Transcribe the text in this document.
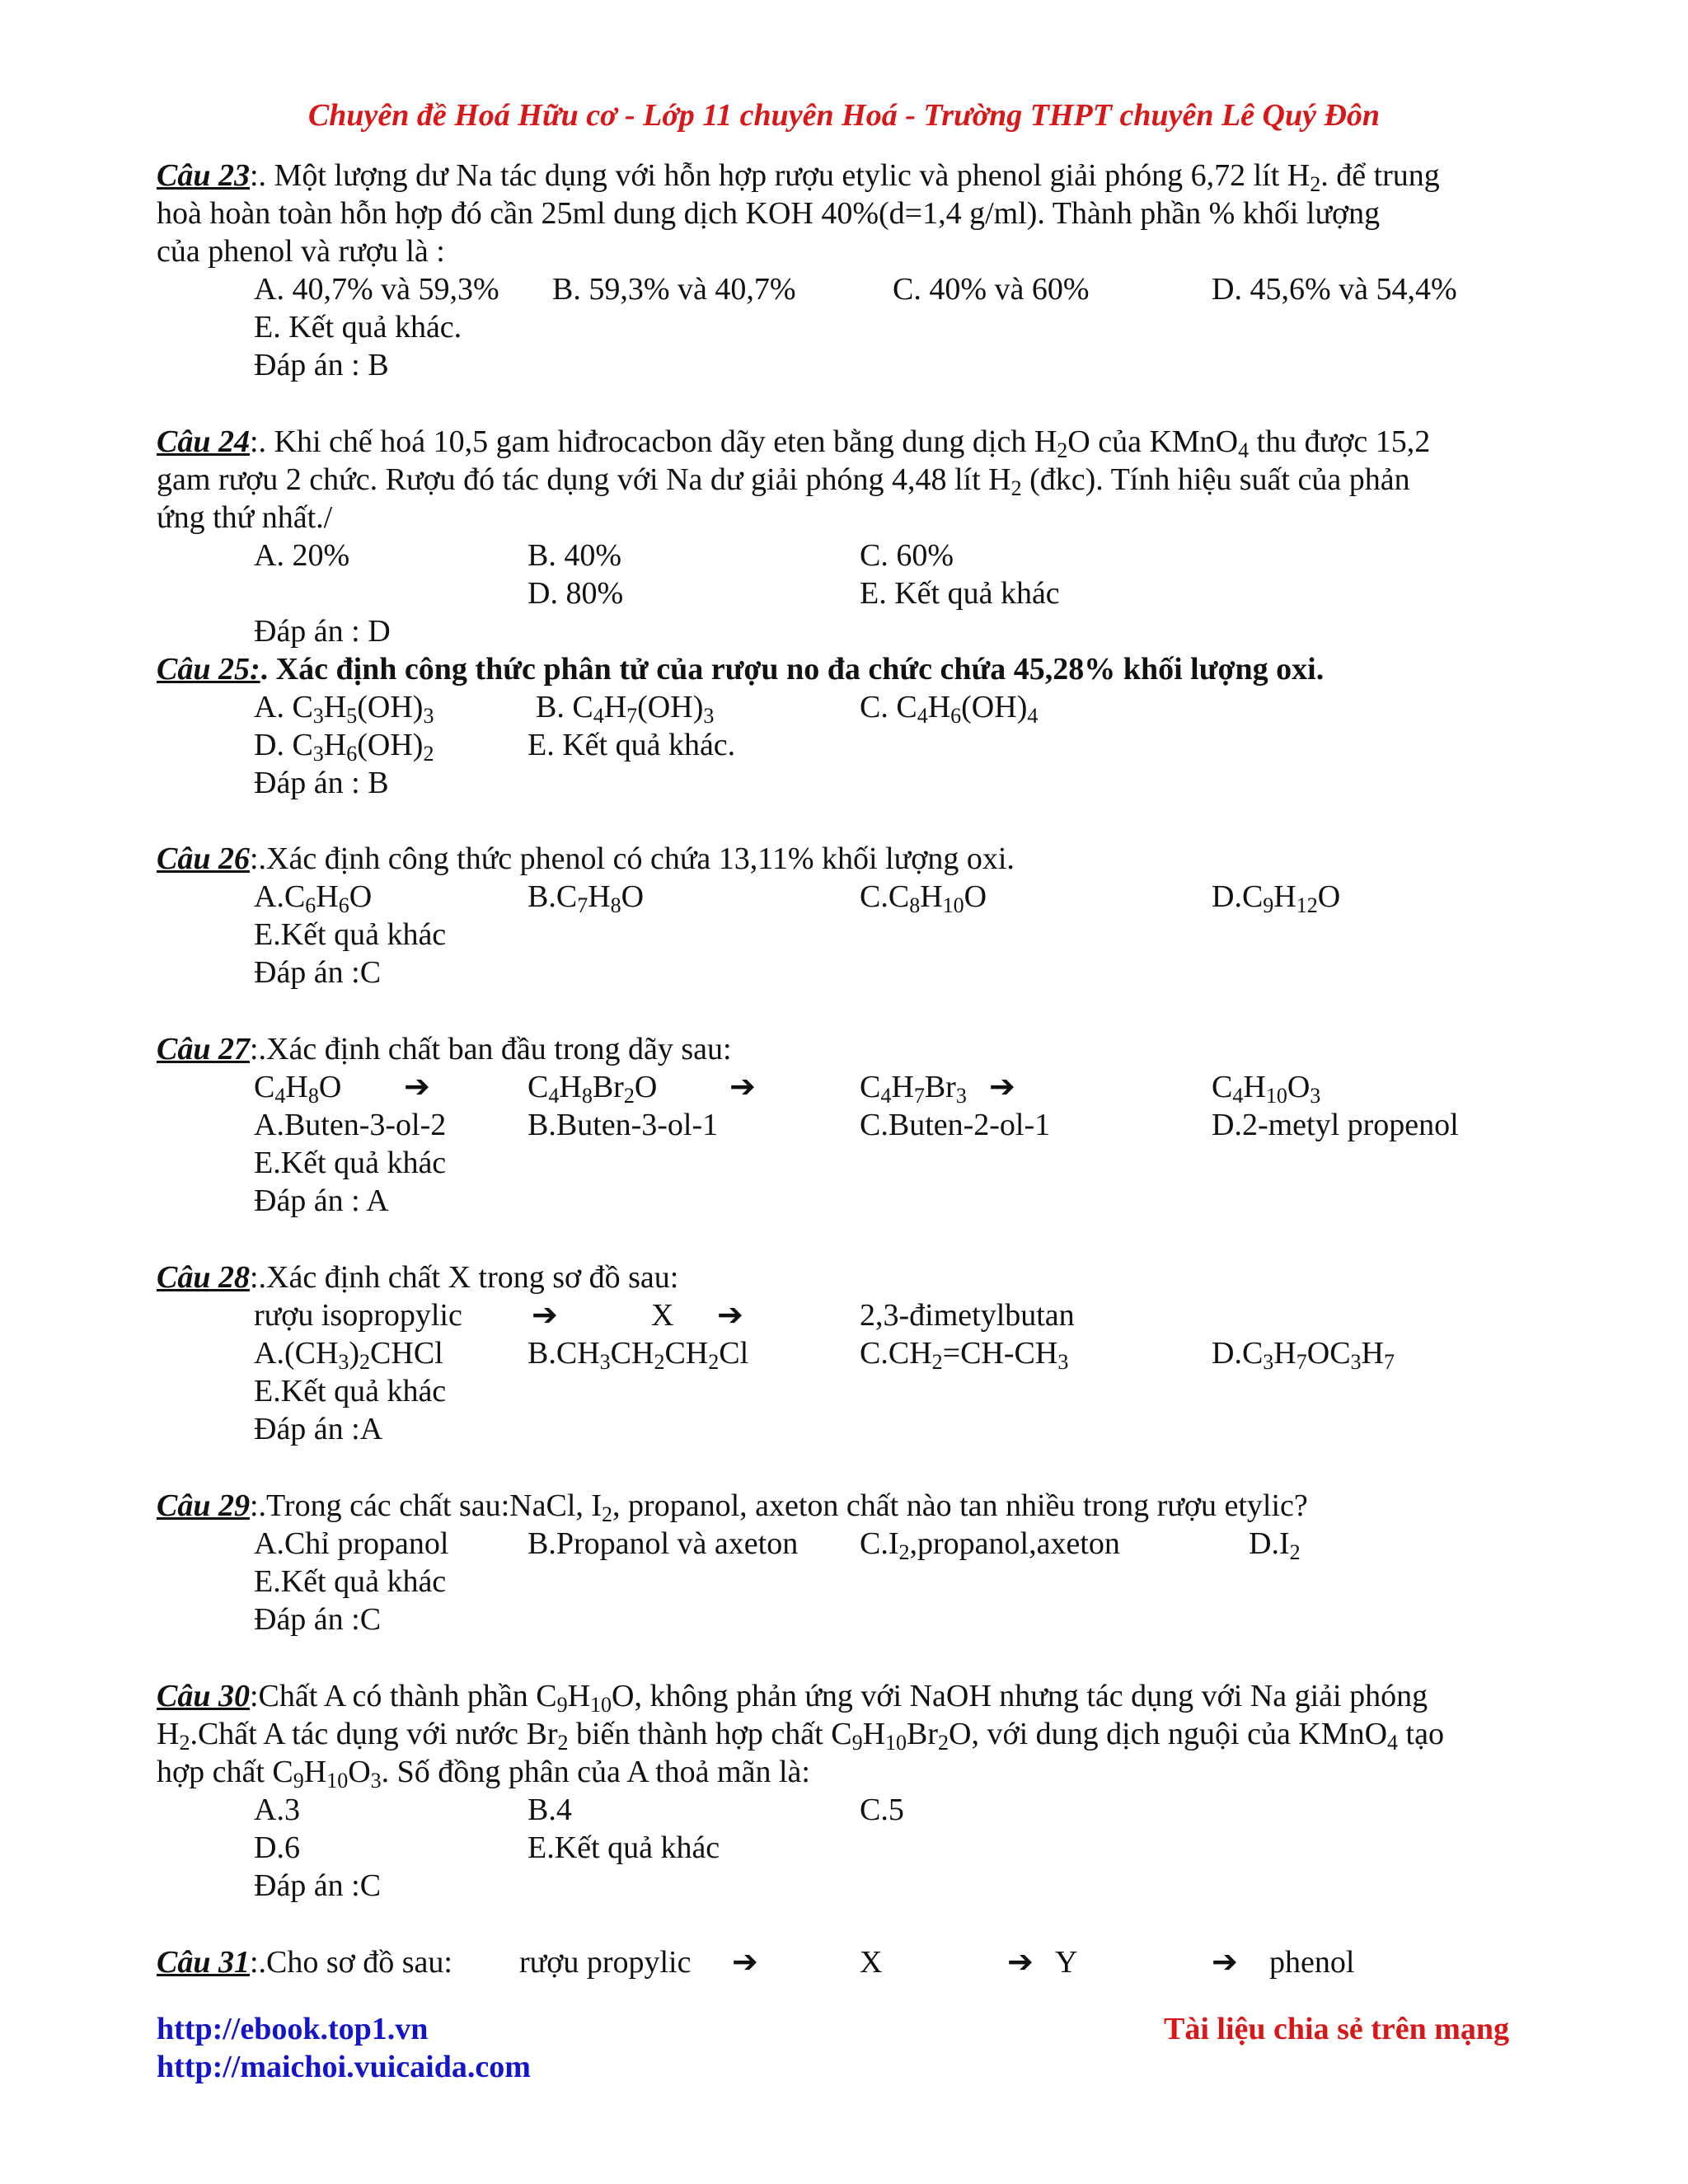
Chuyên đề Hoá Hữu cơ - Lớp 11 chuyên Hoá - Trường THPT chuyên Lê Quý Đôn
Câu 23:. Một lượng dư Na tác dụng với hỗn hợp rượu etylic và phenol giải phóng 6,72 lít $H_2$. để trung
hoà hoàn toàn hỗn hợp đó cần 25ml dung dịch KOH 40%(d=1,4 g/ml). Thành phần % khối lượng
của phenol và rượu là :
A. 40,7% và 59,3% B. 59,3% và 40,7%	C. 40% và 60%	D. 45,6% và 54,4%
E. Kết quả khác.
Đáp án : B
Câu 24:. Khi chế hoá 10,5 gam hiđrocacbon dãy eten bằng dung dịch $H_2O$ của KMnO$_4$ thu được 15,2
gam rượu 2 chức. Rượu đó tác dụng với Na dư giải phóng 4,48 lít $H_2$ (đkc). Tính hiệu suất của phản
ứng thứ nhất./
A. 20%	B. 40%	C. 60%
D. 80%	E. Kết quả khác
Đáp án : D
Câu 25:. Xác định công thức phân tử của rượu no đa chức chứa 45,28% khối lượng oxi.
A. $C_3H_5(OH)_3$	B. $C_4H_7(OH)_3$	C. $C_4H_6(OH)_4$
D. $C_3H_6(OH)_2$	E. Kết quả khác.
Đáp án : B
Câu 26:.Xác định công thức phenol có chứa 13,11% khối lượng oxi.
$A.C_6H_6O$	$B.C_7H_8O$	$C.C_8H_{10}O$	$D.C_9H_{12}O$
E.Kết quả khác
Đáp án :C
Câu 27:.Xác định chất ban đầu trong dãy sau:
$C_4H_8O$ ➔	$C_4H_8Br_2O$ ➔	$C_4H_7Br_3$ ➔	$C_4H_{10}O_3$
A.Buten-3-ol-2	B.Buten-3-ol-1	C.Buten-2-ol-1	D.2-metyl propenol
E.Kết quả khác
Đáp án : A
Câu 28:.Xác định chất X trong sơ đồ sau:
rượu isopropylic ➔	X ➔	2,3-đimetylbutan
$A.(CH_3)_2CHCl$	$B.CH_3CH_2CH_2Cl$	$C.CH_2=CH-CH_3$	$D.C_3H_7OC_3H_7$
E.Kết quả khác
Đáp án :A
Câu 29:.Trong các chất sau:NaCl, $I_2$, propanol, axeton chất nào tan nhiều trong rượu etylic?
A.Chỉ propanol	B.Propanol và axeton $C.I_2,propanol,axeton$	$D.I_2$
E.Kết quả khác
Đáp án :C
Câu 30:Chất A có thành phần $C_9H_{10}O$, không phản ứng với NaOH nhưng tác dụng với Na giải phóng
$H_2.Chất$ A tác dụng với nước $Br_2$ biến thành hợp chất $C_9H_{10}Br_2O$, với dung dịch nguội của KMnO$_4$ tạo
hợp chất $C_9H_{10}O_3$. Số đồng phân của A thoả mãn là:
A.3	B.4	C.5
D.6	E.Kết quả khác
Đáp án :C
Câu 31:.Cho sơ đồ sau: rượu propylic ➔	X	➔ Y	➔ phenol
http://ebook.top1.vn
http://maichoi.vuicaida.com
Tài liệu chia sẻ trên mạng
